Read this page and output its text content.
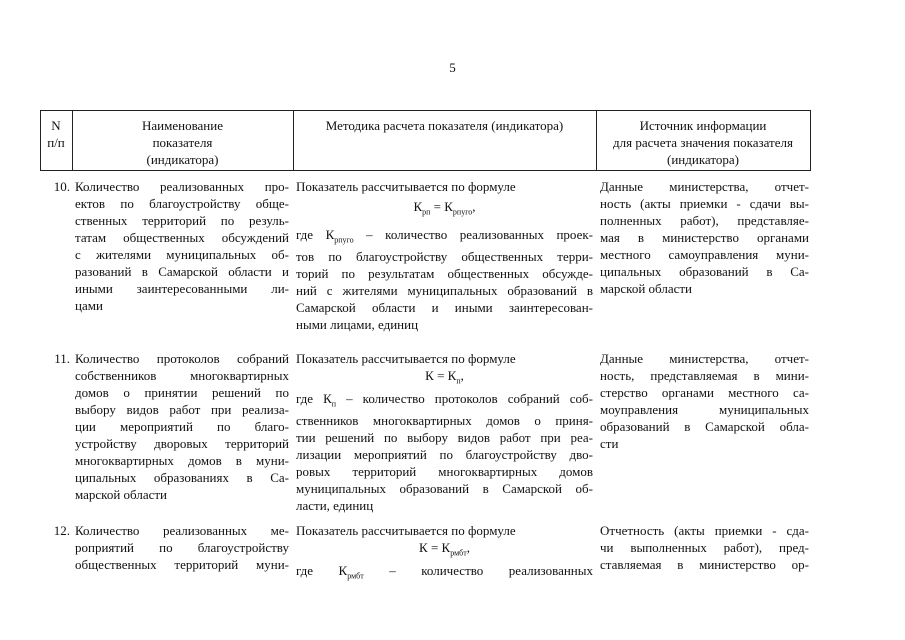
5
N
п/п
Наименование
показателя
(индикатора)
Методика расчета показателя (индикатора)	Источник информации
для расчета значения показателя
(индикатора)
10. Количество реализованных про-
ектов по благоустройству обще-
ственных территорий по резуль-
татам общественных обсуждений
с жителями муниципальных об-
разований в Самарской области и
иными заинтересованными ли-
цами
Показатель рассчитывается по формуле
$К_{рп} = К_{рпуго}$,
где $К_{рпуго}$ – количество реализованных проек-
тов по благоустройству общественных терри-
торий по результатам общественных обсужде-
ний с жителями муниципальных образований в
Самарской области и иными заинтересован-
ными лицами, единиц
Данные министерства, отчет-
ность (акты приемки - сдачи вы-
полненных работ), представляе-
мая в министерство органами
местного самоуправления муни-
ципальных образований в Са-
марской области
11. Количество протоколов собраний
собственников многоквартирных
домов о принятии решений по
выбору видов работ при реализа-
ции мероприятий по благо-
устройству дворовых территорий
многоквартирных домов в муни-
ципальных образованиях в Са-
марской области
Показатель рассчитывается по формуле
$К = К_п$,
где $К_п$ – количество протоколов собраний соб-
ственников многоквартирных домов о приня-
тии решений по выбору видов работ при реа-
лизации мероприятий по благоустройству дво-
ровых территорий многоквартирных домов
муниципальных образований в Самарской об-
ласти, единиц
Данные министерства, отчет-
ность, представляемая в мини-
стерство органами местного са-
моуправления муниципальных
образований в Самарской обла-
сти
12. Количество реализованных ме-
роприятий по благоустройству
общественных территорий муни-
Показатель рассчитывается по формуле
$К = К_{рмбт}$,
где $К_{рмбт}$ – количество реализованных
Отчетность (акты приемки - сда-
чи выполненных работ), пред-
ставляемая в министерство ор-
